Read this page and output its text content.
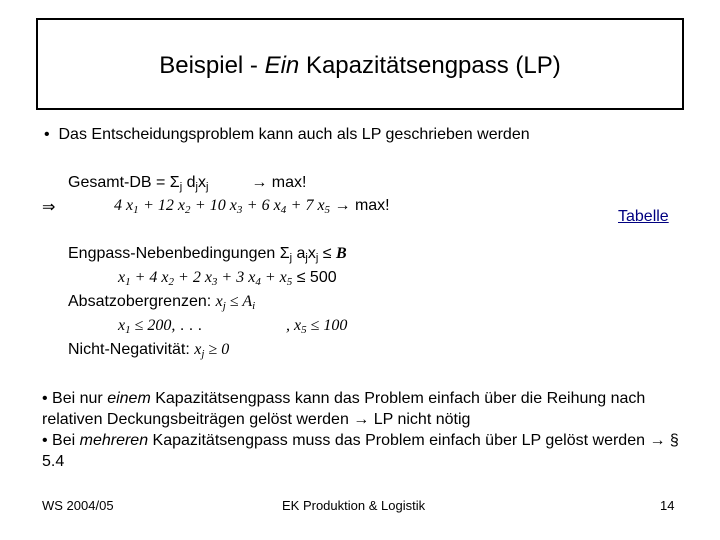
Beispiel - Ein Kapazitätsengpass (LP)
• Das Entscheidungsproblem kann auch als LP geschrieben werden
Gesamt-DB = $\Sigma_j$ $d_jx_j$	→ max!
⇒	4 $x_1 + 12$ $x_2 + 10$ $x_3 + 6$ $x_4 + 7$ $x_5 \to \max$!
Tabelle
Engpass-Nebenbedingungen $\Sigma_j$ $a_jx_j \le B$
$x_1 + 4$ $x_2 + 2$ $x_3 + 3$ $x_4 + x_5 \le 500$
Absatzobergrenzen: $x_j \le A_i$
$x_1 \le 200$, . . .	, $x_5 \le 100$
Nicht-Negativität: $x_j \ge 0$
• Bei nur einem Kapazitätsengpass kann das Problem einfach über die Reihung nach relativen Deckungsbeiträgen gelöst werden → LP nicht nötig
• Bei mehreren Kapazitätsengpass muss das Problem einfach über LP gelöst werden → § 5.4
WS 2004/05	EK Produktion & Logistik	14
